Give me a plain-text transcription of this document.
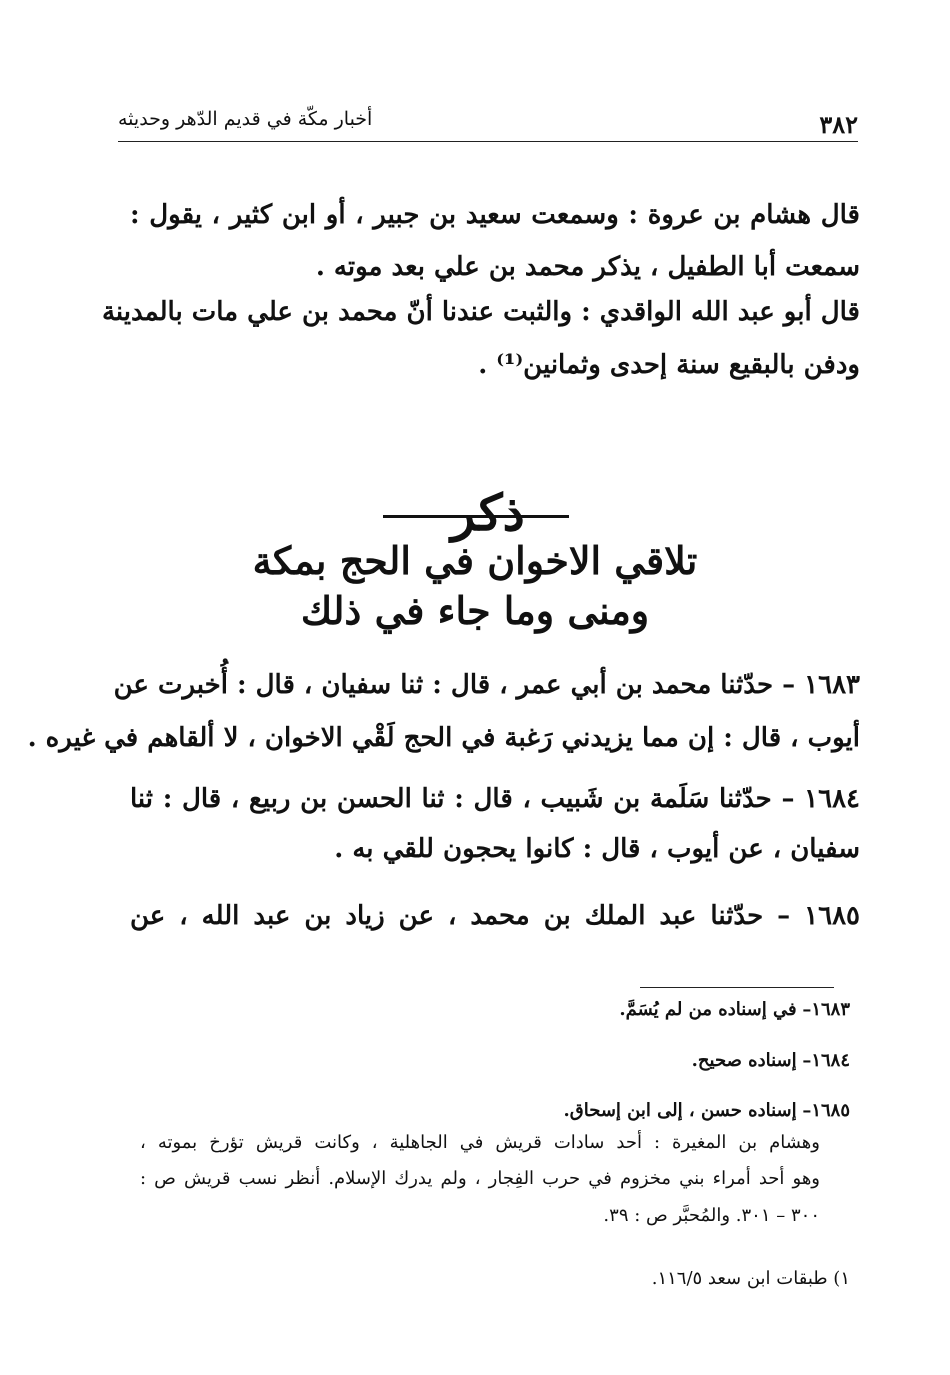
٣٨٢
أخبار مكّة في قديم الدّهر وحديثه
قال هشام بن عروة : وسمعت سعيد بن جبير ، أو ابن كثير ، يقول :
سمعت أبا الطفيل ، يذكر محمد بن علي بعد موته .
قال أبو عبد الله الواقدي : والثبت عندنا أنّ محمد بن علي مات بالمدينة
ودفن بالبقيع سنة إحدى وثمانين⁽¹⁾ .
ذكر
تلاقي الاخوان في الحج بمكة
ومنى وما جاء في ذلك
١٦٨٣ – حدّثنا محمد بن أبي عمر ، قال : ثنا سفيان ، قال : أُخبرت عن
أيوب ، قال : إن مما يزيدني رَغبة في الحج لَقْي الاخوان ، لا ألقاهم في غيره .
١٦٨٤ – حدّثنا سَلَمة بن شَبيب ، قال : ثنا الحسن بن ربيع ، قال : ثنا
سفيان ، عن أيوب ، قال : كانوا يحجون للقي به .
١٦٨٥ – حدّثنا عبد الملك بن محمد ، عن زياد بن عبد الله ، عن
١٦٨٣– في إسناده من لم يُسَمَّ.
١٦٨٤– إسناده صحيح.
١٦٨٥– إسناده حسن ، إلى ابن إسحاق.
وهشام بن المغيرة : أحد سادات قريش في الجاهلية ، وكانت قريش تؤرخ بموته ،
وهو أحد أمراء بني مخزوم في حرب الفِجار ، ولم يدرك الإسلام. أنظر نسب قريش ص :
٣٠٠ – ٣٠١. والمُحبَّر ص : ٣٩.
١) طبقات ابن سعد ١١٦/٥.
